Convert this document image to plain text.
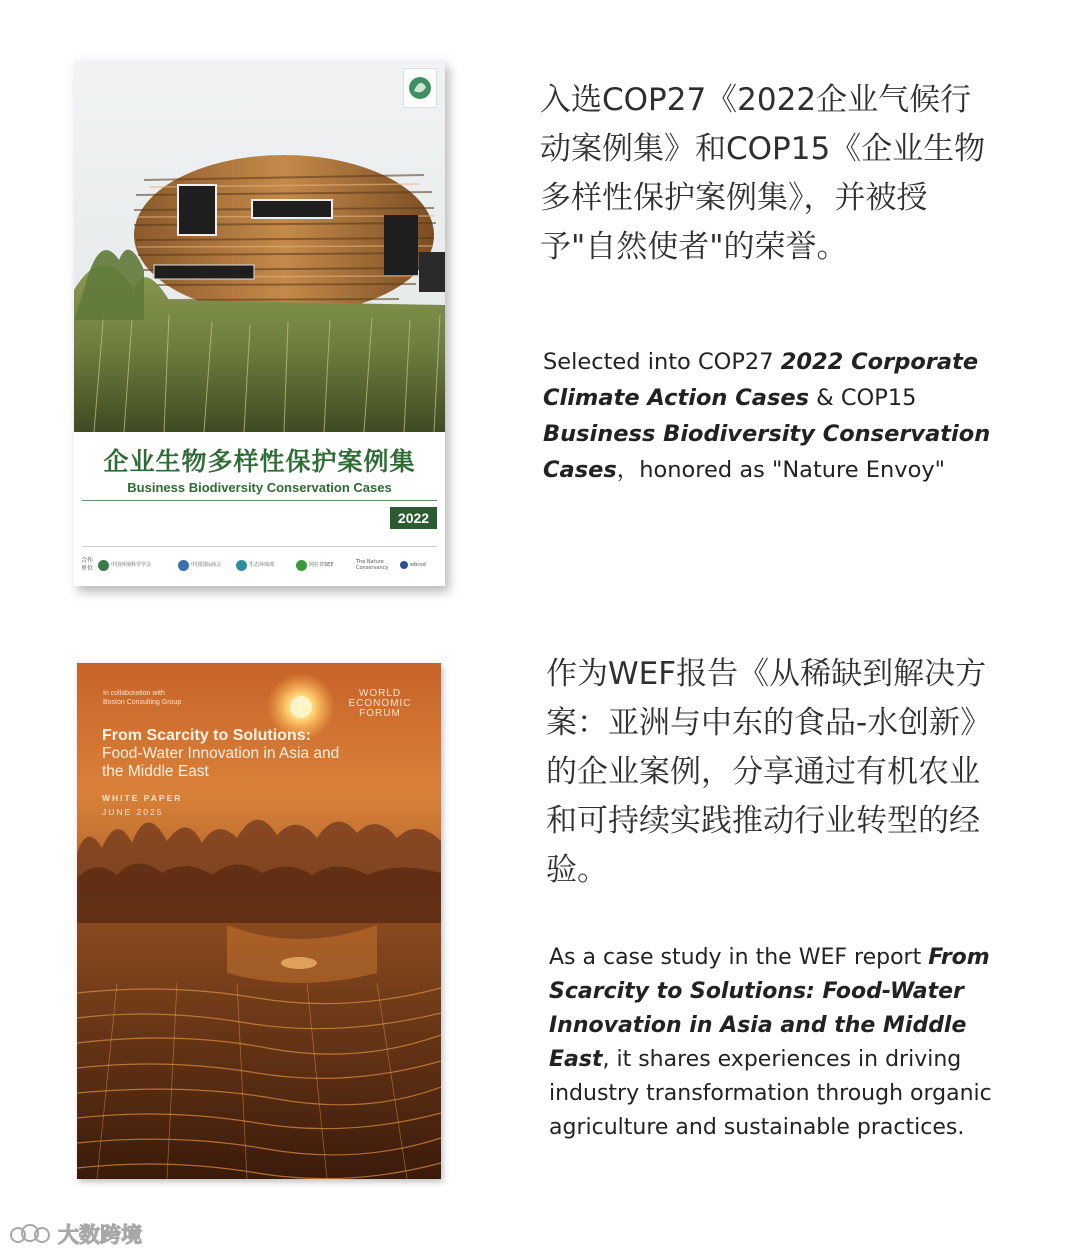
企业生物多样性保护案例集

Business Biodiversity Conservation Cases

2022
合作
单位	中国环境科学学会	中国国际商会	生态环境部	阿拉善SEE	The Nature Conservancy	wbcsd

入选COP27《2022企业气候行动案例集》和COP15《企业生物多样性保护案例集》，并被授予"自然使者"的荣誉。

Selected into COP27 2022 Corporate Climate Action Cases & COP15 Business Biodiversity Conservation Cases，honored as "Nature Envoy"

In collaboration with
Boston Consulting Group
WORLD
ECONOMIC
FORUM
From Scarcity to Solutions:
Food-Water Innovation in Asia and the Middle East
WHITE PAPER
JUNE 2025

作为WEF报告《从稀缺到解决方案：亚洲与中东的食品-水创新》的企业案例，分享通过有机农业和可持续实践推动行业转型的经验。

As a case study in the WEF report From Scarcity to Solutions: Food-Water Innovation in Asia and the Middle East, it shares experiences in driving industry transformation through organic agriculture and sustainable practices.

大数跨境
